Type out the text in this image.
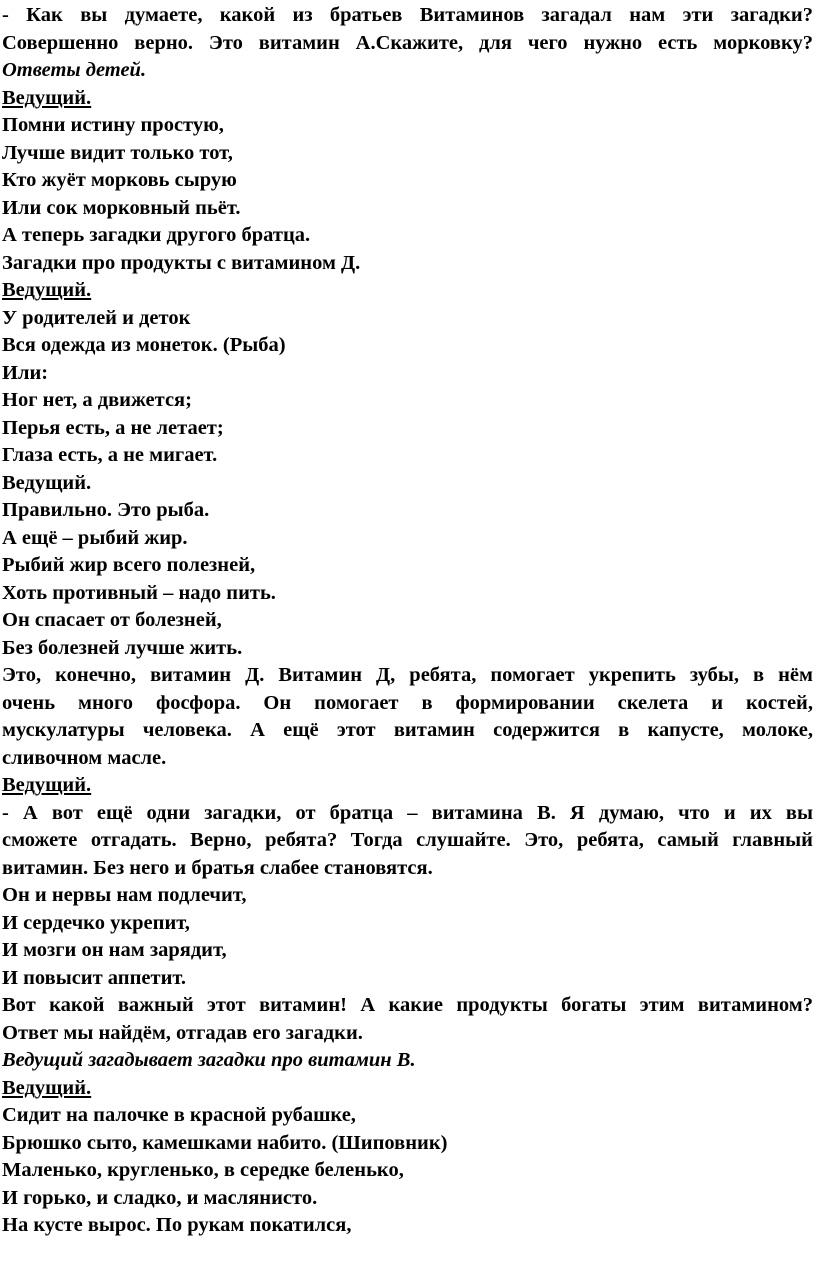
- Как вы думаете, какой из братьев Витаминов загадал нам эти загадки?
Совершенно верно. Это витамин А.Скажите, для чего нужно есть морковку?
Ответы детей.
Ведущий.
Помни истину простую,
Лучше видит только тот,
Кто жуёт морковь сырую
Или сок морковный пьёт.
А теперь загадки другого братца.
Загадки про продукты с витамином Д.
Ведущий.
У родителей и деток
Вся одежда из монеток. (Рыба)
Или:
Ног нет, а движется;
Перья есть, а не летает;
Глаза есть, а не мигает.
Ведущий.
Правильно. Это рыба.
А ещё – рыбий жир.
Рыбий жир всего полезней,
Хоть противный – надо пить.
Он спасает от болезней,
Без болезней лучше жить.
Это, конечно, витамин Д. Витамин Д, ребята, помогает укрепить зубы, в нём
очень много фосфора. Он помогает в формировании скелета и костей,
мускулатуры человека. А ещё этот витамин содержится в капусте, молоке,
сливочном масле.
Ведущий.
- А вот ещё одни загадки, от братца – витамина В. Я думаю, что и их вы
сможете отгадать. Верно, ребята? Тогда слушайте. Это, ребята, самый главный
витамин. Без него и братья слабее становятся.
Он и нервы нам подлечит,
И сердечко укрепит,
И мозги он нам зарядит,
И повысит аппетит.
Вот какой важный этот витамин! А какие продукты богаты этим витамином?
Ответ мы найдём, отгадав его загадки.
Ведущий загадывает загадки про витамин В.
Ведущий.
Сидит на палочке в красной рубашке,
Брюшко сыто, камешками набито. (Шиповник)
Маленько, кругленько, в середке беленько,
И горько, и сладко, и маслянисто.
На кусте вырос. По рукам покатился,
